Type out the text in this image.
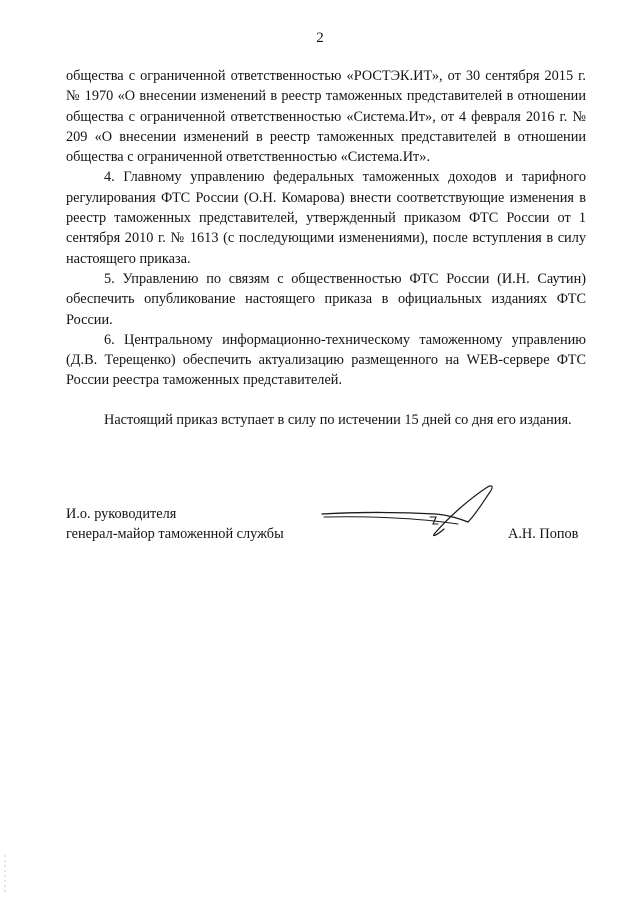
2

общества с ограниченной ответственностью «РОСТЭК.ИТ», от 30 сентября 2015 г. № 1970 «О внесении изменений в реестр таможенных представителей в отношении общества с ограниченной ответственностью «Система.Ит», от 4 февраля 2016 г. № 209 «О внесении изменений в реестр таможенных представителей в отношении общества с ограниченной ответственностью «Система.Ит».

4. Главному управлению федеральных таможенных доходов и тарифного регулирования ФТС России (О.Н. Комарова) внести соответствующие изменения в реестр таможенных представителей, утвержденный приказом ФТС России от 1 сентября 2010 г. № 1613 (с последующими изменениями), после вступления в силу настоящего приказа.

5. Управлению по связям с общественностью ФТС России (И.Н. Саутин) обеспечить опубликование настоящего приказа в официальных изданиях ФТС России.

6. Центральному информационно-техническому таможенному управлению (Д.В. Терещенко) обеспечить актуализацию размещенного на WEB-сервере ФТС России реестра таможенных представителей.

Настоящий приказ вступает в силу по истечении 15 дней со дня его издания.

И.о. руководителя
генерал-майор таможенной службы	А.Н. Попов
